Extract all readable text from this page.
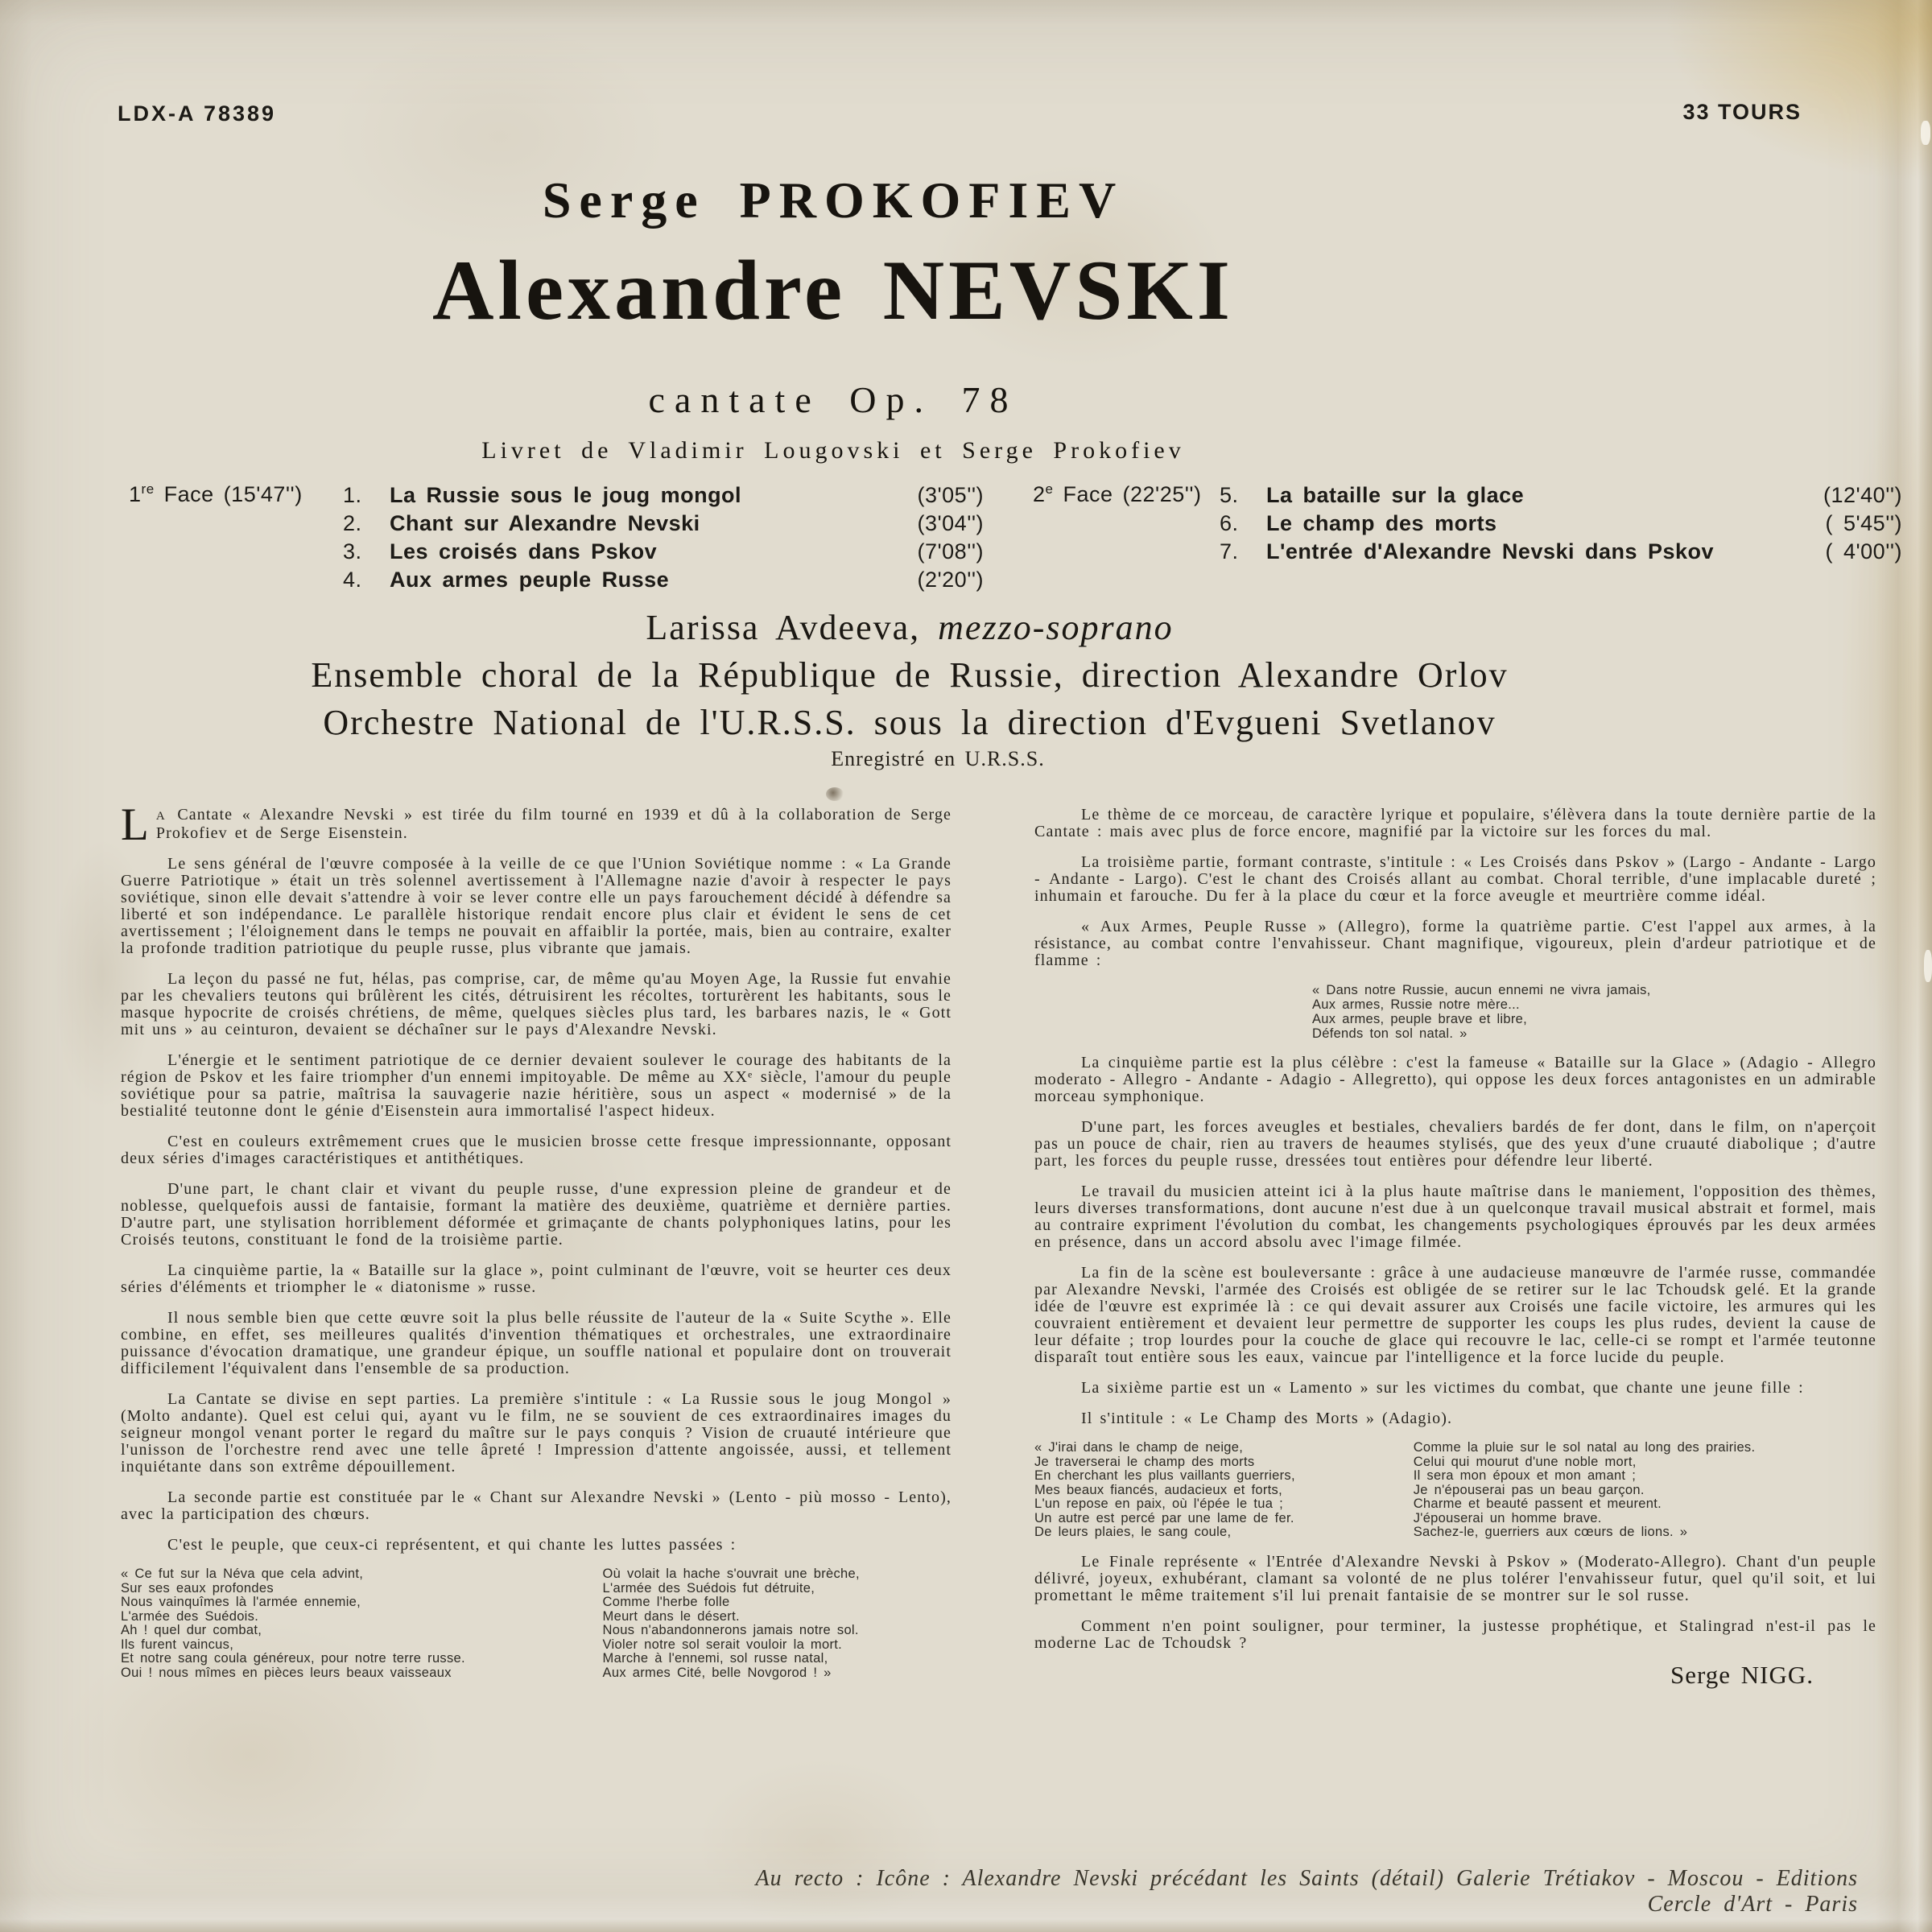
LDX-A 78389	33 TOURS
Serge PROKOFIEV
Alexandre NEVSKI
cantate Op. 78
Livret de Vladimir Lougovski et Serge Prokofiev
1re Face (15'47'')	1.	La Russie sous le joug mongol	(3'05'')
2.	Chant sur Alexandre Nevski	(3'04'')
3.	Les croisés dans Pskov	(7'08'')
4.	Aux armes peuple Russe	(2'20'')
2e Face (22'25'') 5.	La bataille sur la glace	(12'40'')
6.	Le champ des morts	( 5'45'')
7.	L'entrée d'Alexandre Nevski dans Pskov	( 4'00'')
Larissa Avdeeva, mezzo-soprano
Ensemble choral de la République de Russie, direction Alexandre Orlov
Orchestre National de l'U.R.S.S. sous la direction d'Evgueni Svetlanov
Enregistré en U.R.S.S.

L A Cantate « Alexandre Nevski » est tirée du film tourné en 1939 et dû à la collaboration de Serge Prokofiev et de Serge Eisenstein.

Le sens général de l'œuvre composée à la veille de ce que l'Union Soviétique nomme : « La Grande Guerre Patriotique » était un très solennel avertissement à l'Allemagne nazie d'avoir à respecter le pays soviétique, sinon elle devait s'attendre à voir se lever contre elle un pays farouchement décidé à défendre sa liberté et son indépendance. Le parallèle historique rendait encore plus clair et évident le sens de cet avertissement ; l'éloignement dans le temps ne pouvait en affaiblir la portée, mais, bien au contraire, exalter la profonde tradition patriotique du peuple russe, plus vibrante que jamais.

La leçon du passé ne fut, hélas, pas comprise, car, de même qu'au Moyen Age, la Russie fut envahie par les chevaliers teutons qui brûlèrent les cités, détruisirent les récoltes, torturèrent les habitants, sous le masque hypocrite de croisés chrétiens, de même, quelques siècles plus tard, les barbares nazis, le « Gott mit uns » au ceinturon, devaient se déchaîner sur le pays d'Alexandre Nevski.

L'énergie et le sentiment patriotique de ce dernier devaient soulever le courage des habitants de la région de Pskov et les faire triompher d'un ennemi impitoyable. De même au XXᵉ siècle, l'amour du peuple soviétique pour sa patrie, maîtrisa la sauvagerie nazie héritière, sous un aspect « modernisé » de la bestialité teutonne dont le génie d'Eisenstein aura immortalisé l'aspect hideux.

C'est en couleurs extrêmement crues que le musicien brosse cette fresque impressionnante, opposant deux séries d'images caractéristiques et antithétiques.

D'une part, le chant clair et vivant du peuple russe, d'une expression pleine de grandeur et de noblesse, quelquefois aussi de fantaisie, formant la matière des deuxième, quatrième et dernière parties. D'autre part, une stylisation horriblement déformée et grimaçante de chants polyphoniques latins, pour les Croisés teutons, constituant le fond de la troisième partie.

La cinquième partie, la « Bataille sur la glace », point culminant de l'œuvre, voit se heurter ces deux séries d'éléments et triompher le « diatonisme » russe.

Il nous semble bien que cette œuvre soit la plus belle réussite de l'auteur de la « Suite Scythe ». Elle combine, en effet, ses meilleures qualités d'invention thématiques et orchestrales, une extraordinaire puissance d'évocation dramatique, une grandeur épique, un souffle national et populaire dont on trouverait difficilement l'équivalent dans l'ensemble de sa production.

La Cantate se divise en sept parties. La première s'intitule : « La Russie sous le joug Mongol » (Molto andante). Quel est celui qui, ayant vu le film, ne se souvient de ces extraordinaires images du seigneur mongol venant porter le regard du maître sur le pays conquis ? Vision de cruauté intérieure que l'unisson de l'orchestre rend avec une telle âpreté ! Impression d'attente angoissée, aussi, et tellement inquiétante dans son extrême dépouillement.

La seconde partie est constituée par le « Chant sur Alexandre Nevski » (Lento - più mosso - Lento), avec la participation des chœurs.

C'est le peuple, que ceux-ci représentent, et qui chante les luttes passées :

« Ce fut sur la Néva que cela advint,
Sur ses eaux profondes
Nous vainquîmes là l'armée ennemie,
L'armée des Suédois.
Ah ! quel dur combat,
Ils furent vaincus,
Et notre sang coula généreux, pour notre terre russe.
Oui ! nous mîmes en pièces leurs beaux vaisseaux
Où volait la hache s'ouvrait une brèche,
L'armée des Suédois fut détruite,
Comme l'herbe folle
Meurt dans le désert.
Nous n'abandonnerons jamais notre sol.
Violer notre sol serait vouloir la mort.
Marche à l'ennemi, sol russe natal,
Aux armes Cité, belle Novgorod ! »

Le thème de ce morceau, de caractère lyrique et populaire, s'élèvera dans la toute dernière partie de la Cantate : mais avec plus de force encore, magnifié par la victoire sur les forces du mal.

La troisième partie, formant contraste, s'intitule : « Les Croisés dans Pskov » (Largo - Andante - Largo - Andante - Largo). C'est le chant des Croisés allant au combat. Choral terrible, d'une implacable dureté ; inhumain et farouche. Du fer à la place du cœur et la force aveugle et meurtrière comme idéal.

« Aux Armes, Peuple Russe » (Allegro), forme la quatrième partie. C'est l'appel aux armes, à la résistance, au combat contre l'envahisseur. Chant magnifique, vigoureux, plein d'ardeur patriotique et de flamme :

« Dans notre Russie, aucun ennemi ne vivra jamais,
Aux armes, Russie notre mère...
Aux armes, peuple brave et libre,
Défends ton sol natal. »

La cinquième partie est la plus célèbre : c'est la fameuse « Bataille sur la Glace » (Adagio - Allegro moderato - Allegro - Andante - Adagio - Allegretto), qui oppose les deux forces antagonistes en un admirable morceau symphonique.

D'une part, les forces aveugles et bestiales, chevaliers bardés de fer dont, dans le film, on n'aperçoit pas un pouce de chair, rien au travers de heaumes stylisés, que des yeux d'une cruauté diabolique ; d'autre part, les forces du peuple russe, dressées tout entières pour défendre leur liberté.

Le travail du musicien atteint ici à la plus haute maîtrise dans le maniement, l'opposition des thèmes, leurs diverses transformations, dont aucune n'est due à un quelconque travail musical abstrait et formel, mais au contraire expriment l'évolution du combat, les changements psychologiques éprouvés par les deux armées en présence, dans un accord absolu avec l'image filmée.

La fin de la scène est bouleversante : grâce à une audacieuse manœuvre de l'armée russe, commandée par Alexandre Nevski, l'armée des Croisés est obligée de se retirer sur le lac Tchoudsk gelé. Et la grande idée de l'œuvre est exprimée là : ce qui devait assurer aux Croisés une facile victoire, les armures qui les couvraient entièrement et devaient leur permettre de supporter les coups les plus rudes, devient la cause de leur défaite ; trop lourdes pour la couche de glace qui recouvre le lac, celle-ci se rompt et l'armée teutonne disparaît tout entière sous les eaux, vaincue par l'intelligence et la force lucide du peuple.

La sixième partie est un « Lamento » sur les victimes du combat, que chante une jeune fille :

Il s'intitule : « Le Champ des Morts » (Adagio).

« J'irai dans le champ de neige,
Je traverserai le champ des morts
En cherchant les plus vaillants guerriers,
Mes beaux fiancés, audacieux et forts,
L'un repose en paix, où l'épée le tua ;
Un autre est percé par une lame de fer.
De leurs plaies, le sang coule,
Comme la pluie sur le sol natal au long des prairies.
Celui qui mourut d'une noble mort,
Il sera mon époux et mon amant ;
Je n'épouserai pas un beau garçon.
Charme et beauté passent et meurent.
J'épouserai un homme brave.
Sachez-le, guerriers aux cœurs de lions. »

Le Finale représente « l'Entrée d'Alexandre Nevski à Pskov » (Moderato-Allegro). Chant d'un peuple délivré, joyeux, exhubérant, clamant sa volonté de ne plus tolérer l'envahisseur futur, quel qu'il soit, et lui promettant le même traitement s'il lui prenait fantaisie de se montrer sur le sol russe.

Comment n'en point souligner, pour terminer, la justesse prophétique, et Stalingrad n'est-il pas le moderne Lac de Tchoudsk ?

Serge NIGG.
Au recto : Icône : Alexandre Nevski précédant les Saints (détail) Galerie Trétiakov - Moscou - Editions Cercle d'Art - Paris
